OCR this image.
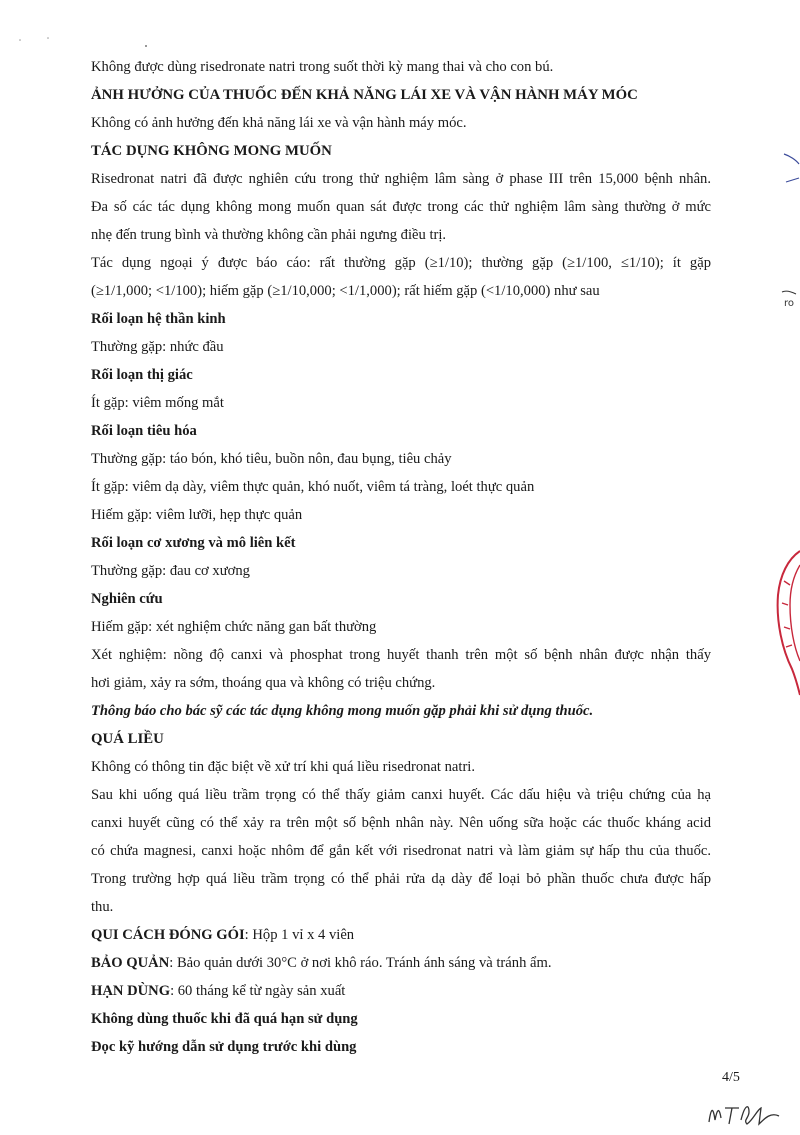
Không được dùng risedronate natri trong suốt thời kỳ mang thai và cho con bú.
ẢNH HƯỞNG CỦA THUỐC ĐẾN KHẢ NĂNG LÁI XE VÀ VẬN HÀNH MÁY MÓC
Không có ảnh hưởng đến khả năng lái xe và vận hành máy móc.
TÁC DỤNG KHÔNG MONG MUỐN
Risedronat natri đã được nghiên cứu trong thử nghiệm lâm sàng ở phase III trên 15,000 bệnh nhân.
Đa số các tác dụng không mong muốn quan sát được trong các thử nghiệm lâm sàng thường ở mức
nhẹ đến trung bình và thường không cần phải ngưng điều trị.
Tác dụng ngoại ý được báo cáo: rất thường gặp (≥1/10); thường gặp (≥1/100, ≤1/10); ít gặp
(≥1/1,000; <1/100); hiếm gặp (≥1/10,000; <1/1,000); rất hiếm gặp (<1/10,000) như sau
Rối loạn hệ thần kinh
Thường gặp: nhức đầu
Rối loạn thị giác
Ít gặp: viêm mống mắt
Rối loạn tiêu hóa
Thường gặp: táo bón, khó tiêu, buồn nôn, đau bụng, tiêu chảy
Ít gặp: viêm dạ dày, viêm thực quản, khó nuốt, viêm tá tràng, loét thực quản
Hiếm gặp: viêm lưỡi, hẹp thực quản
Rối loạn cơ xương và mô liên kết
Thường gặp: đau cơ xương
Nghiên cứu
Hiếm gặp: xét nghiệm chức năng gan bất thường
Xét nghiệm: nồng độ canxi và phosphat trong huyết thanh trên một số bệnh nhân được nhận thấy
hơi giảm, xảy ra sớm, thoáng qua và không có triệu chứng.
Thông báo cho bác sỹ các tác dụng không mong muốn gặp phải khi sử dụng thuốc.
QUÁ LIỀU
Không có thông tin đặc biệt về xử trí khi quá liều risedronat natri.
Sau khi uống quá liều trầm trọng có thể thấy giảm canxi huyết. Các dấu hiệu và triệu chứng của hạ
canxi huyết cũng có thể xảy ra trên một số bệnh nhân này. Nên uống sữa hoặc các thuốc kháng acid
có chứa magnesi, canxi hoặc nhôm để gắn kết với risedronat natri và làm giảm sự hấp thu của thuốc.
Trong trường hợp quá liều trầm trọng có thể phải rửa dạ dày để loại bỏ phần thuốc chưa được hấp
thu.
QUI CÁCH ĐÓNG GÓI: Hộp 1 vỉ x 4 viên
BẢO QUẢN: Bảo quản dưới 30°C ở nơi khô ráo. Tránh ánh sáng và tránh ẩm.
HẠN DÙNG: 60 tháng kể từ ngày sản xuất
Không dùng thuốc khi đã quá hạn sử dụng
Đọc kỹ hướng dẫn sử dụng trước khi dùng
4/5
ro
